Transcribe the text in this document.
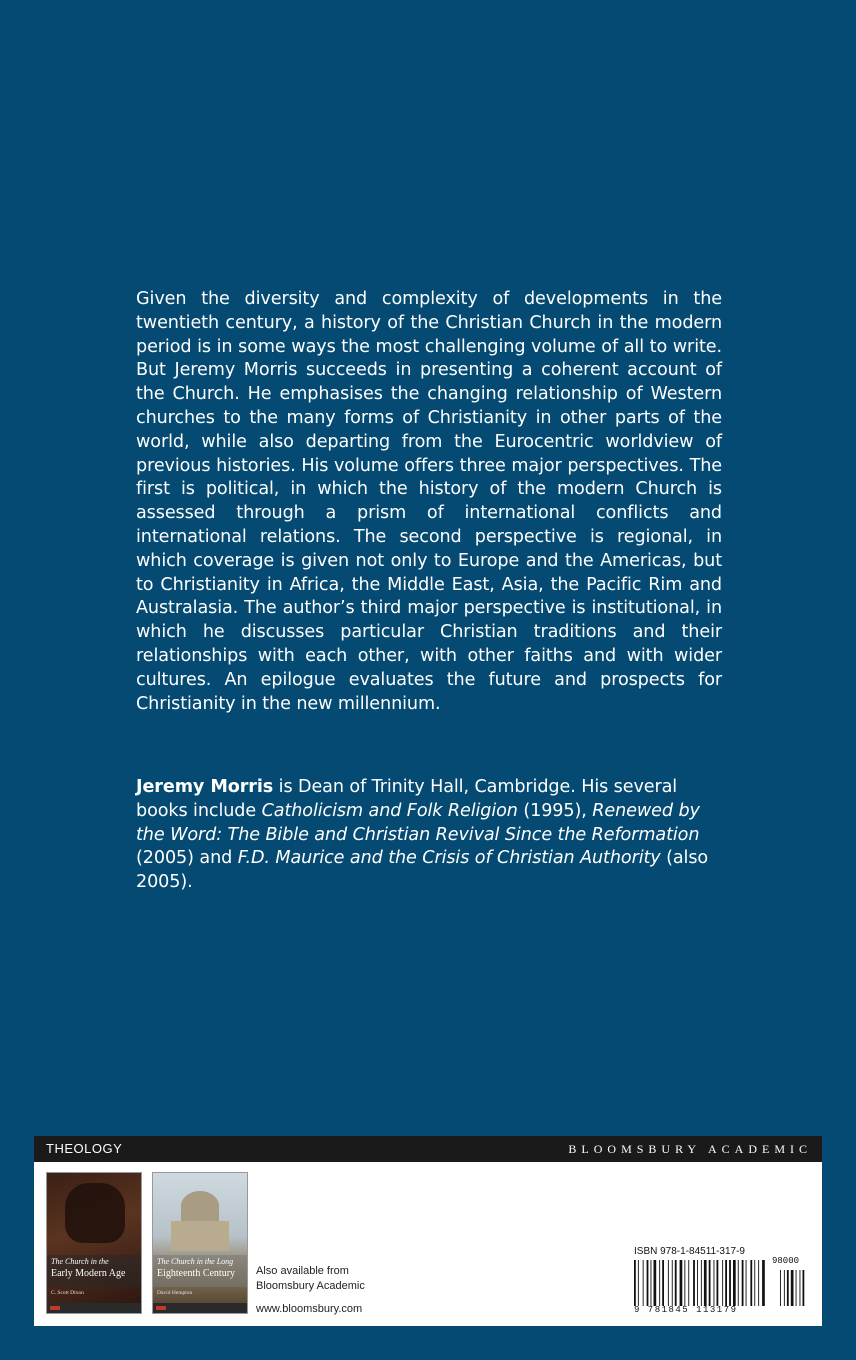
Given the diversity and complexity of developments in the twentieth century, a history of the Christian Church in the modern period is in some ways the most challenging volume of all to write. But Jeremy Morris succeeds in presenting a coherent account of the Church. He emphasises the changing relationship of Western churches to the many forms of Christianity in other parts of the world, while also departing from the Eurocentric worldview of previous histories. His volume offers three major perspectives. The first is political, in which the history of the modern Church is assessed through a prism of international conflicts and international relations. The second perspective is regional, in which coverage is given not only to Europe and the Americas, but to Christianity in Africa, the Middle East, Asia, the Pacific Rim and Australasia. The author’s third major perspective is institutional, in which he discusses particular Christian traditions and their relationships with each other, with other faiths and with wider cultures. An epilogue evaluates the future and prospects for Christianity in the new millennium.

Jeremy Morris is Dean of Trinity Hall, Cambridge. His several books include Catholicism and Folk Religion (1995), Renewed by the Word: The Bible and Christian Revival Since the Reformation (2005) and F.D. Maurice and the Crisis of Christian Authority (also 2005).

THEOLOGY	BLOOMSBURY ACADEMIC
The Church in the
Early Modern Age
C. Scott Dixon
The Church in the Long
Eighteenth Century
David Hempton
Also available from
Bloomsbury Academic
www.bloomsbury.com
ISBN 978-1-84511-317-9
98000
9 781845 113179
